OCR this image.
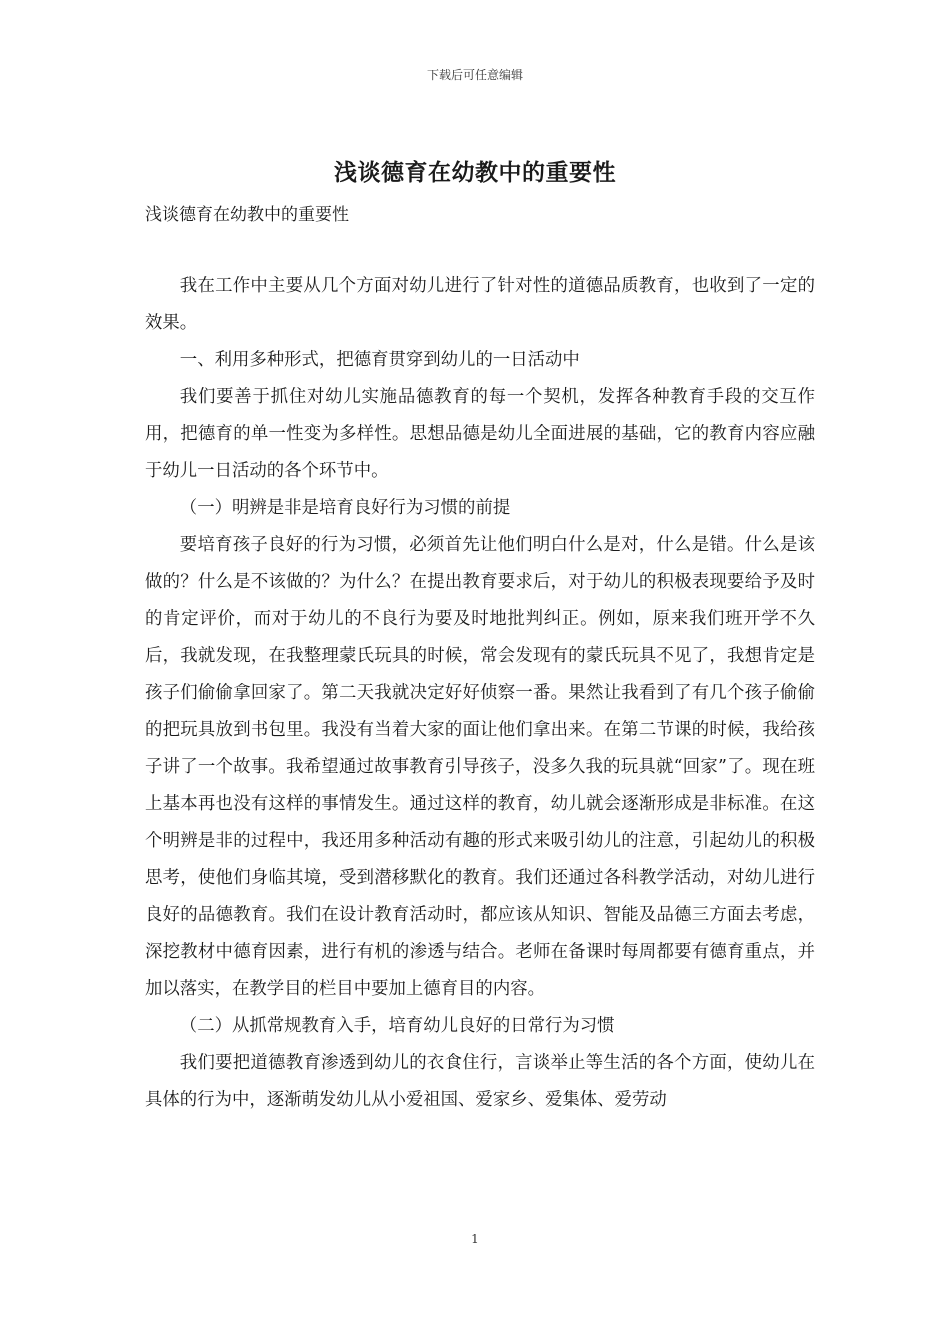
下载后可任意编辑
浅谈德育在幼教中的重要性
浅谈德育在幼教中的重要性

我在工作中主要从几个方面对幼儿进行了针对性的道德品质教育，也收到了一定的效果。

一、利用多种形式，把德育贯穿到幼儿的一日活动中

我们要善于抓住对幼儿实施品德教育的每一个契机，发挥各种教育手段的交互作用，把德育的单一性变为多样性。思想品德是幼儿全面进展的基础，它的教育内容应融于幼儿一日活动的各个环节中。

（一）明辨是非是培育良好行为习惯的前提

要培育孩子良好的行为习惯，必须首先让他们明白什么是对，什么是错。什么是该做的？什么是不该做的？为什么？在提出教育要求后，对于幼儿的积极表现要给予及时的肯定评价，而对于幼儿的不良行为要及时地批判纠正。例如，原来我们班开学不久后，我就发现，在我整理蒙氏玩具的时候，常会发现有的蒙氏玩具不见了，我想肯定是孩子们偷偷拿回家了。第二天我就决定好好侦察一番。果然让我看到了有几个孩子偷偷的把玩具放到书包里。我没有当着大家的面让他们拿出来。在第二节课的时候，我给孩子讲了一个故事。我希望通过故事教育引导孩子，没多久我的玩具就“回家”了。现在班上基本再也没有这样的事情发生。通过这样的教育，幼儿就会逐渐形成是非标准。在这个明辨是非的过程中，我还用多种活动有趣的形式来吸引幼儿的注意，引起幼儿的积极思考，使他们身临其境，受到潜移默化的教育。我们还通过各科教学活动，对幼儿进行良好的品德教育。我们在设计教育活动时，都应该从知识、智能及品德三方面去考虑，深挖教材中德育因素，进行有机的渗透与结合。老师在备课时每周都要有德育重点，并加以落实，在教学目的栏目中要加上德育目的内容。

（二）从抓常规教育入手，培育幼儿良好的日常行为习惯

我们要把道德教育渗透到幼儿的衣食住行，言谈举止等生活的各个方面，使幼儿在具体的行为中，逐渐萌发幼儿从小爱祖国、爱家乡、爱集体、爱劳动

1
